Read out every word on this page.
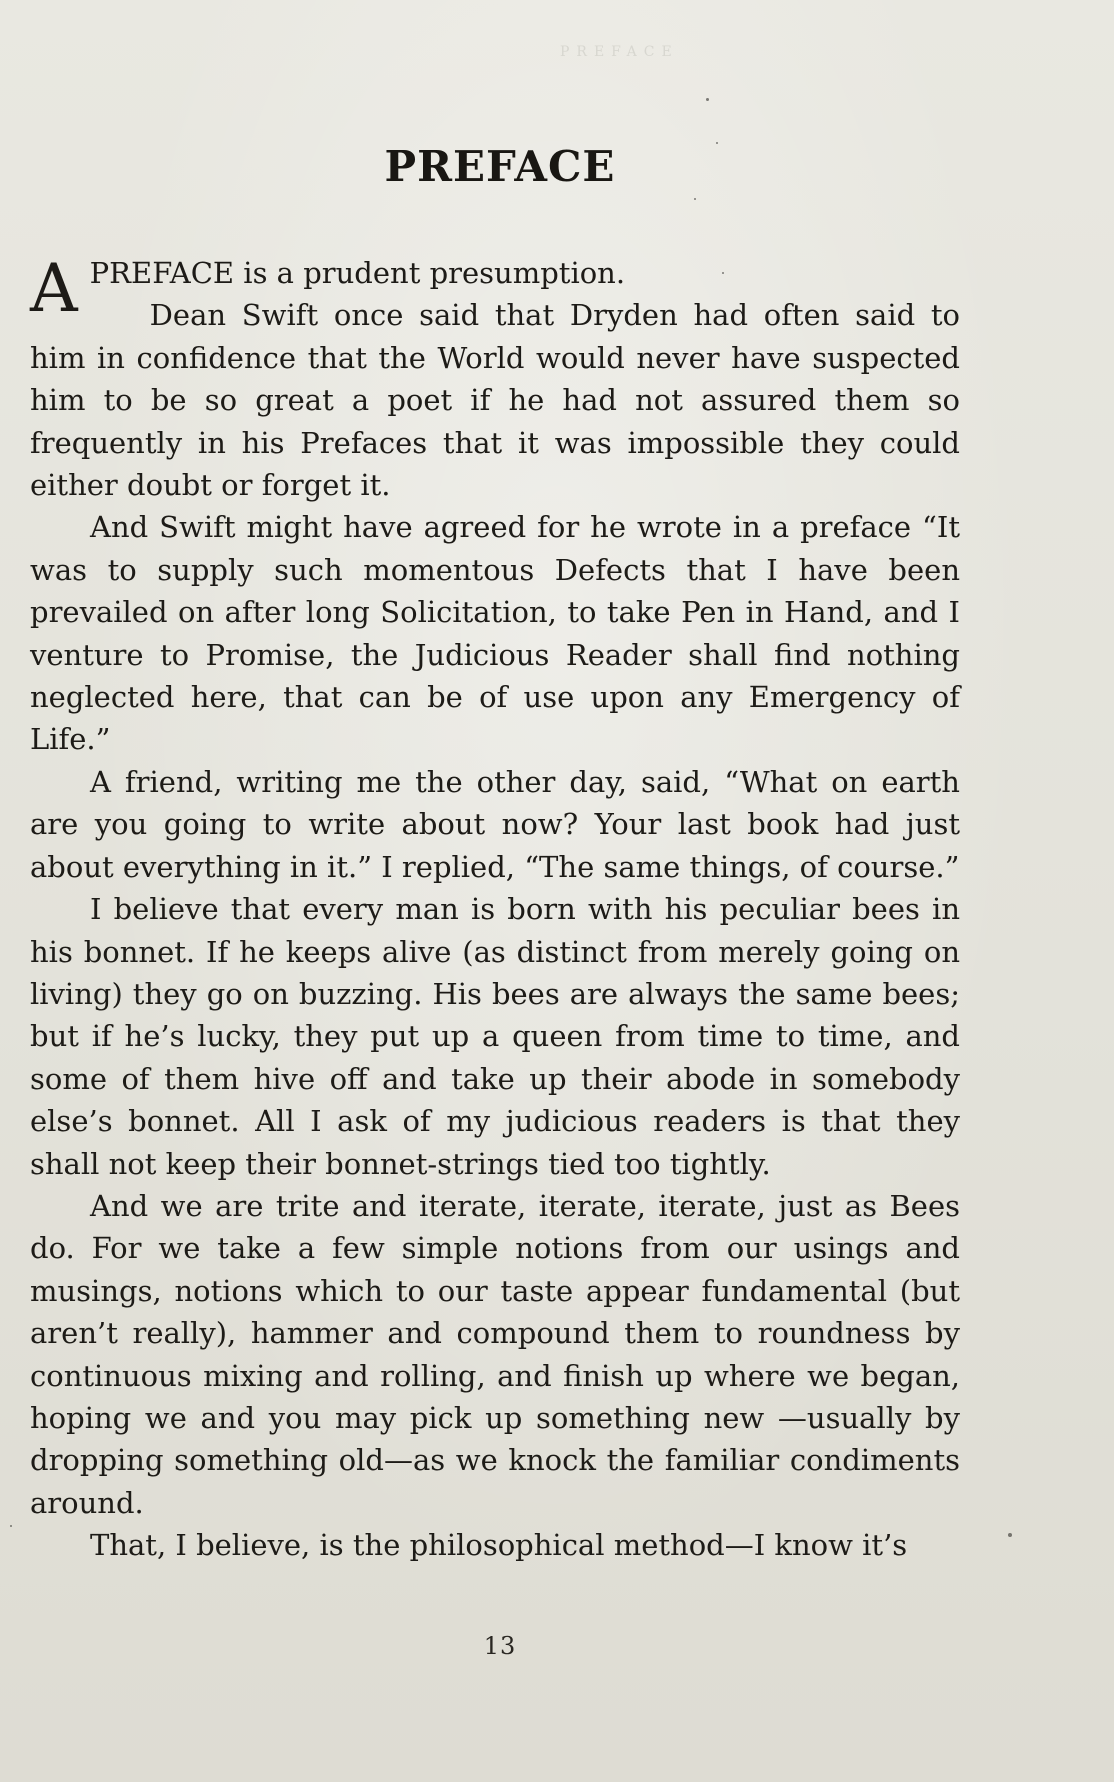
PREFACE
PREFACE

A PREFACE is a prudent presumption.

Dean Swift once said that Dryden had often said to him in confidence that the World would never have suspected him to be so great a poet if he had not assured them so frequently in his Prefaces that it was impossible they could either doubt or forget it.

And Swift might have agreed for he wrote in a preface “It was to supply such momentous Defects that I have been prevailed on after long Solicitation, to take Pen in Hand, and I venture to Promise, the Judicious Reader shall find nothing neglected here, that can be of use upon any Emergency of Life.”

A friend, writing me the other day, said, “What on earth are you going to write about now? Your last book had just about everything in it.” I replied, “The same things, of course.”

I believe that every man is born with his peculiar bees in his bonnet. If he keeps alive (as distinct from merely going on living) they go on buzzing. His bees are always the same bees; but if he’s lucky, they put up a queen from time to time, and some of them hive off and take up their abode in somebody else’s bonnet. All I ask of my judicious readers is that they shall not keep their bonnet-strings tied too tightly.

And we are trite and iterate, iterate, iterate, just as Bees do. For we take a few simple notions from our usings and musings, notions which to our taste appear fundamental (but aren’t really), hammer and compound them to roundness by continuous mixing and rolling, and finish up where we began, hoping we and you may pick up something new —usually by dropping something old—as we knock the familiar condiments around.

That, I believe, is the philosophical method—I know it’s

13
